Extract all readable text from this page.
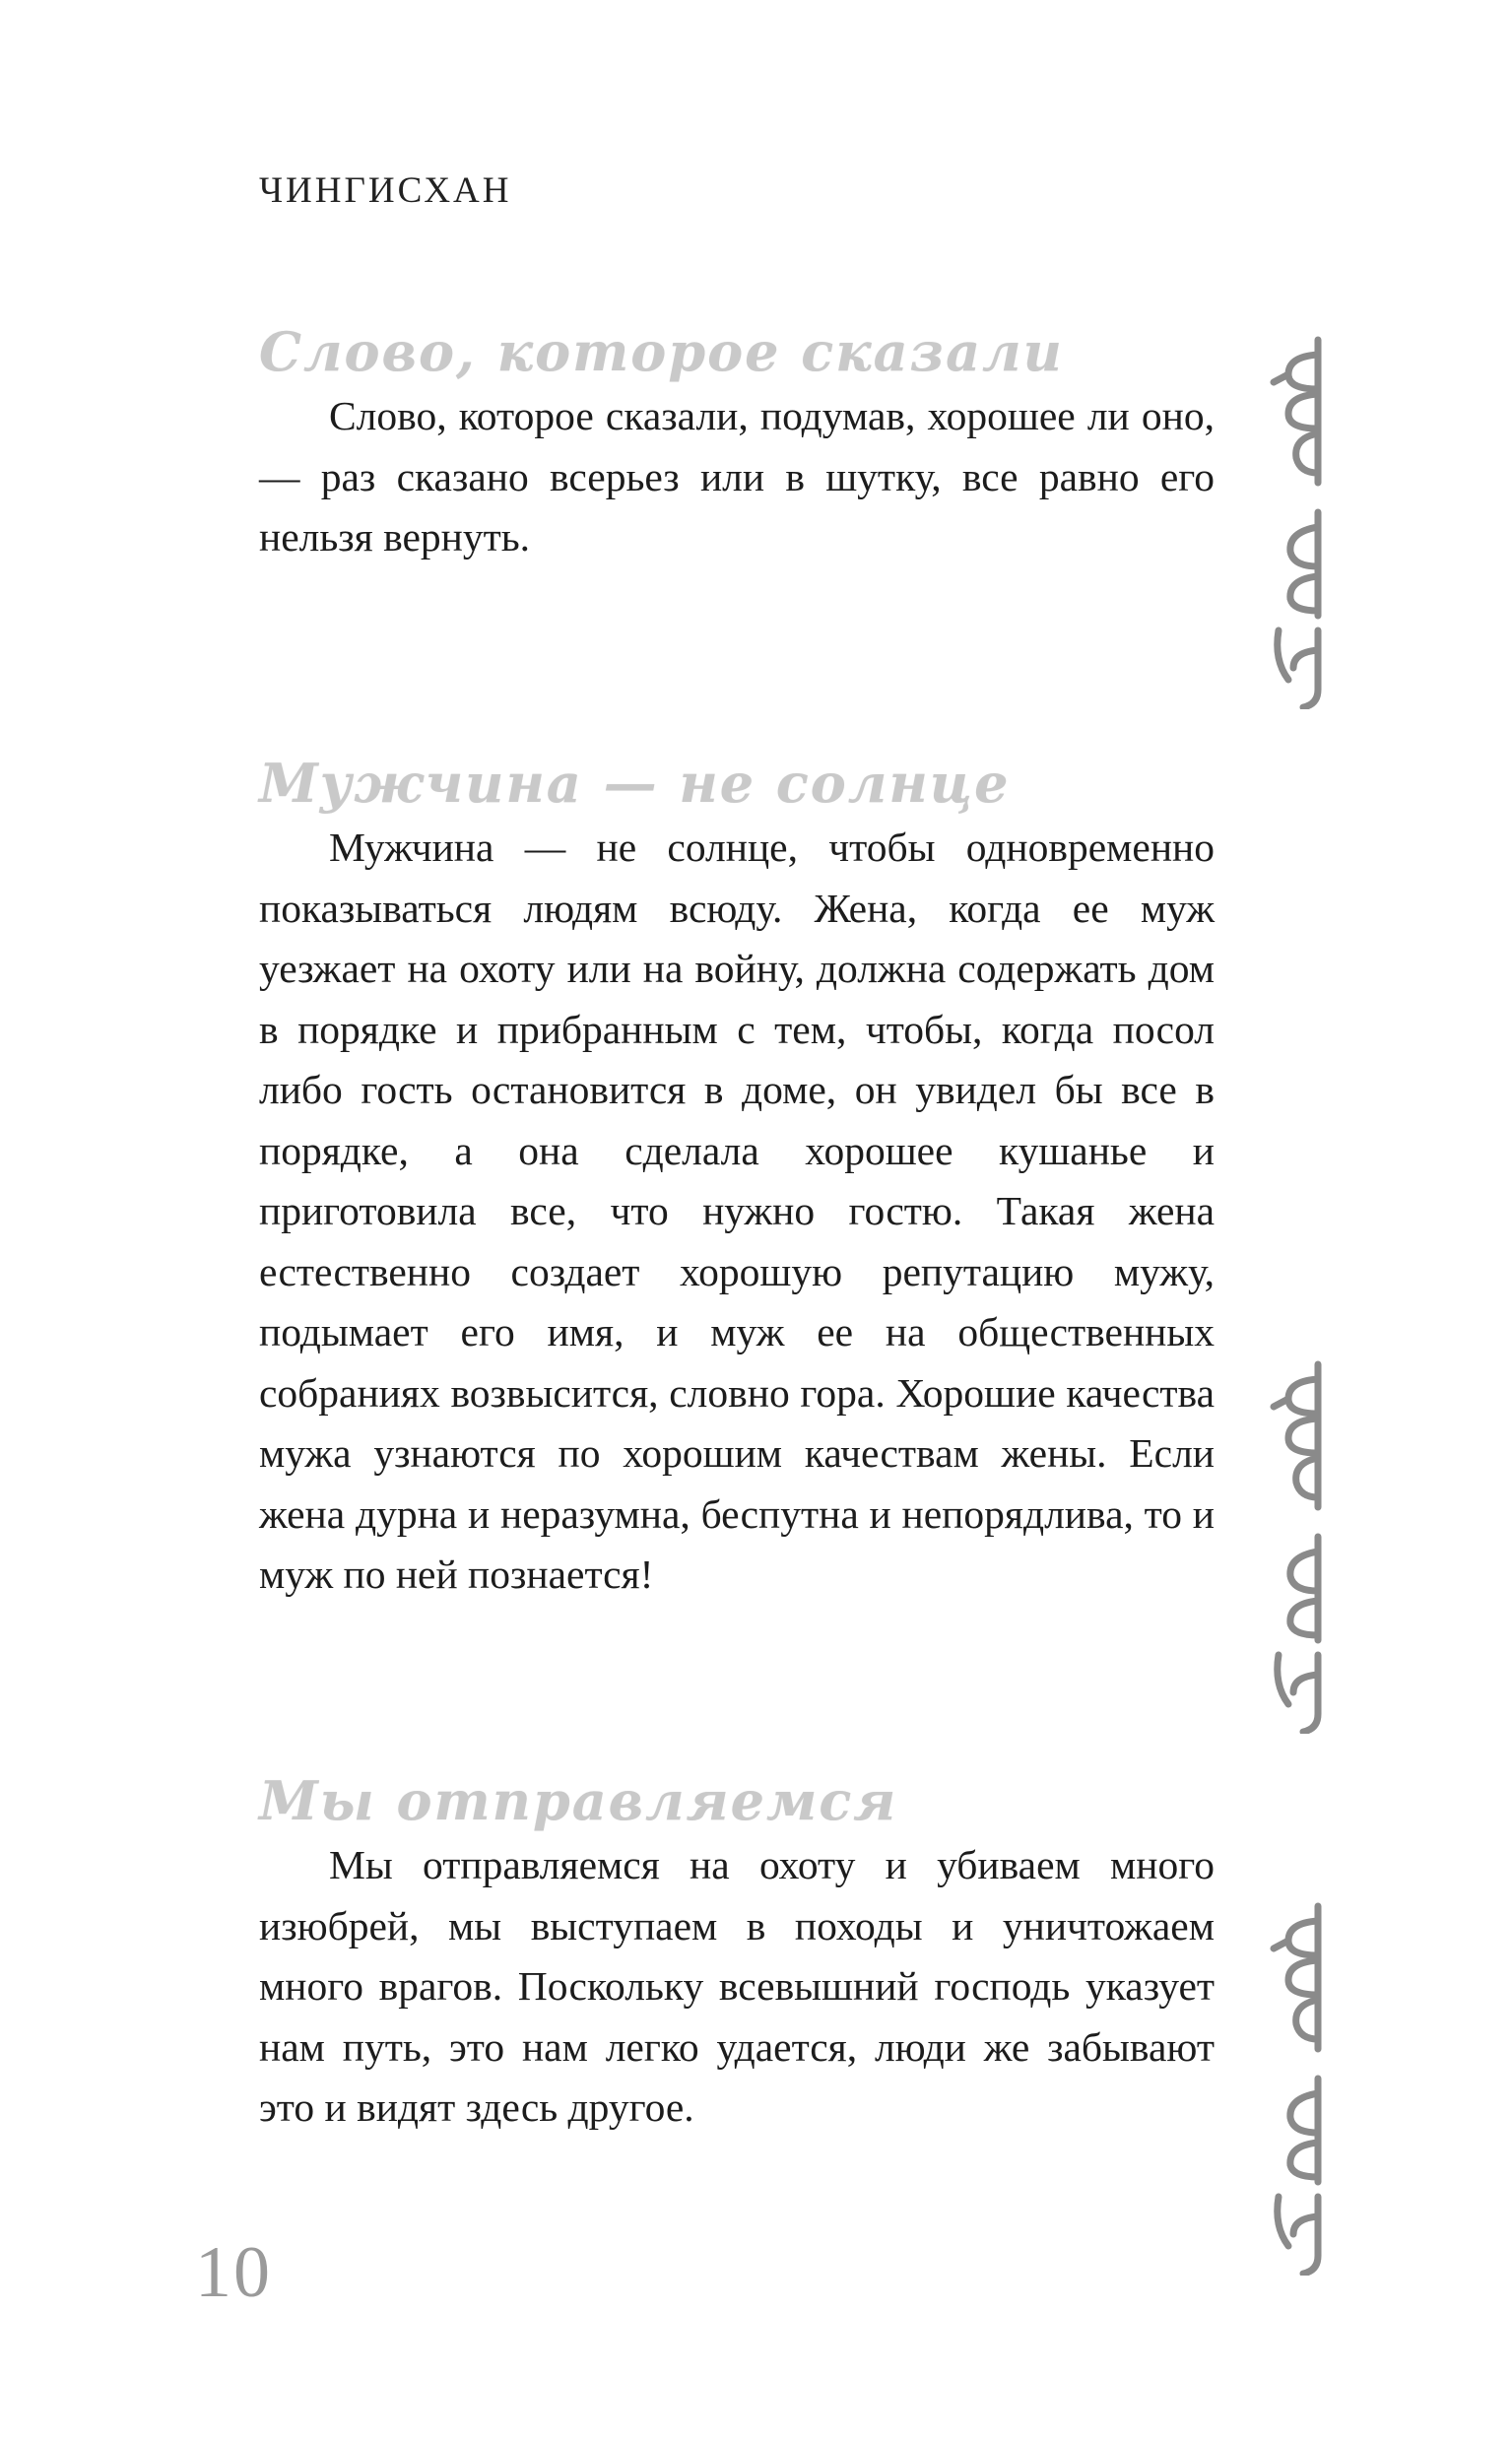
ЧИНГИСХАН
Слово, которое сказали

Слово, которое сказали, подумав, хорошее ли оно, — раз сказано всерьез или в шутку, все равно его нельзя вернуть.

Мужчина — не солнце

Мужчина — не солнце, чтобы одновременно показываться людям всюду. Жена, когда ее муж уезжает на охоту или на войну, должна содержать дом в порядке и прибранным с тем, чтобы, когда посол либо гость остановится в доме, он увидел бы все в порядке, а она сделала хорошее кушанье и приготовила все, что нужно гостю. Такая жена естественно создает хорошую репутацию мужу, подымает его имя, и муж ее на общественных собраниях возвысится, словно гора. Хорошие качества мужа узнаются по хорошим качествам жены. Если жена дурна и неразумна, беспутна и непорядлива, то и муж по ней познается!

Мы отправляемся

Мы отправляемся на охоту и убиваем много изюбрей, мы выступаем в походы и уничтожаем много врагов. Поскольку всевышний господь указует нам путь, это нам легко удается, люди же забывают это и видят здесь другое.

10
